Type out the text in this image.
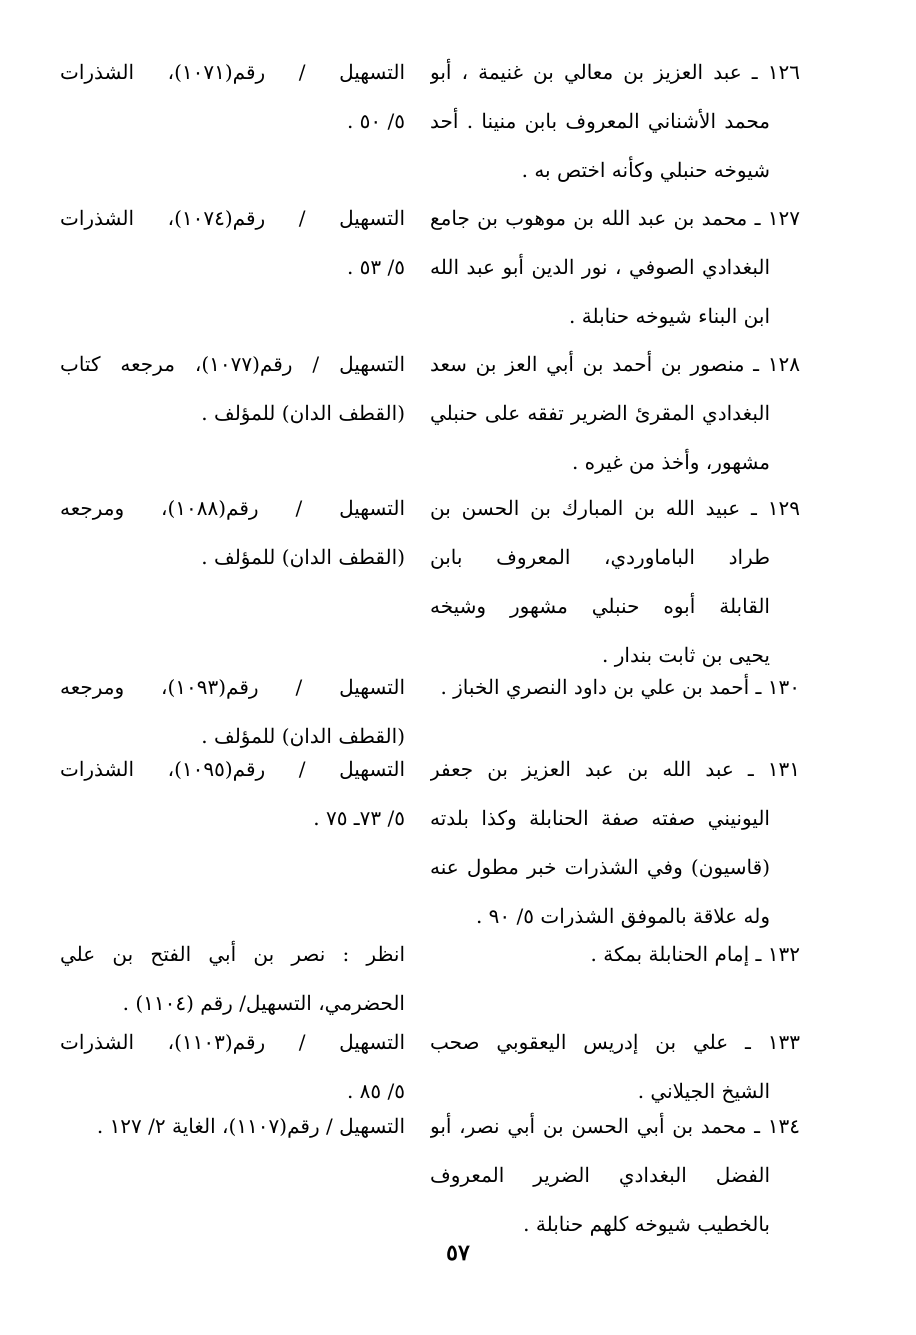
١٢٦ ـ عبد العزيز بن معالي بن غنيمة ، أبو
محمد الأشناني المعروف بابن منينا . أحد
شيوخه حنبلي وكأنه اختص به .
التسهيل / رقم(١٠٧١)، الشذرات
٥/ ٥٠ .
١٢٧ ـ محمد بن عبد الله بن موهوب بن جامع
البغدادي الصوفي ، نور الدين أبو عبد الله
ابن البناء شيوخه حنابلة .
التسهيل / رقم(١٠٧٤)، الشذرات
٥/ ٥٣ .
١٢٨ ـ منصور بن أحمد بن أبي العز بن سعد
البغدادي المقرئ الضرير تفقه على حنبلي
مشهور، وأخذ من غيره .
التسهيل / رقم(١٠٧٧)، مرجعه كتاب
(القطف الدان) للمؤلف .
١٢٩ ـ عبيد الله بن المبارك بن الحسن بن
طراد الباماوردي، المعروف بابن
القابلة أبوه حنبلي مشهور وشيخه
يحيى بن ثابت بندار .
التسهيل / رقم(١٠٨٨)، ومرجعه
(القطف الدان) للمؤلف .
١٣٠ ـ أحمد بن علي بن داود النصري الخباز .
التسهيل / رقم(١٠٩٣)، ومرجعه
(القطف الدان) للمؤلف .
١٣١ ـ عبد الله بن عبد العزيز بن جعفر
اليونيني صفته صفة الحنابلة وكذا بلدته
(قاسيون) وفي الشذرات خبر مطول عنه
وله علاقة بالموفق الشذرات ٥/ ٩٠ .
التسهيل / رقم(١٠٩٥)، الشذرات
٥/ ٧٣ـ ٧٥ .
١٣٢ ـ إمام الحنابلة بمكة .
انظر : نصر بن أبي الفتح بن علي
الحضرمي، التسهيل/ رقم (١١٠٤) .
١٣٣ ـ علي بن إدريس اليعقوبي صحب
الشيخ الجيلاني .
التسهيل / رقم(١١٠٣)، الشذرات
٥/ ٨٥ .
١٣٤ ـ محمد بن أبي الحسن بن أبي نصر، أبو
الفضل البغدادي الضرير المعروف
بالخطيب شيوخه كلهم حنابلة .
التسهيل / رقم(١١٠٧)، الغاية ٢/ ١٢٧ .
٥٧
